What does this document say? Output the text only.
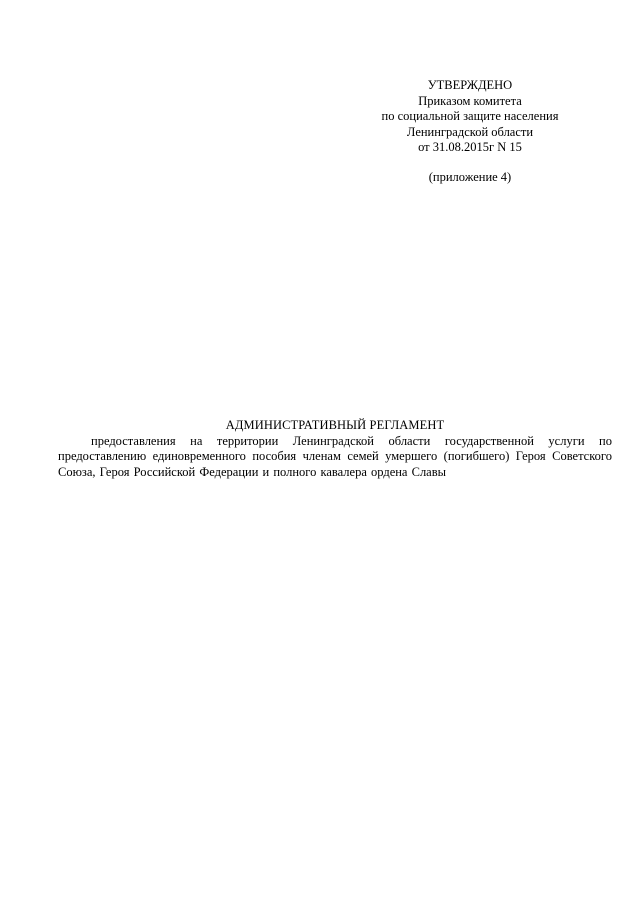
УТВЕРЖДЕНО
Приказом комитета
по социальной защите населения
Ленинградской области
от 31.08.2015г N 15
(приложение 4)
АДМИНИСТРАТИВНЫЙ РЕГЛАМЕНТ
предоставления на территории Ленинградской области государственной услуги по предоставлению единовременного пособия членам семей умершего (погибшего) Героя Советского Союза, Героя Российской Федерации и полного кавалера ордена Славы
